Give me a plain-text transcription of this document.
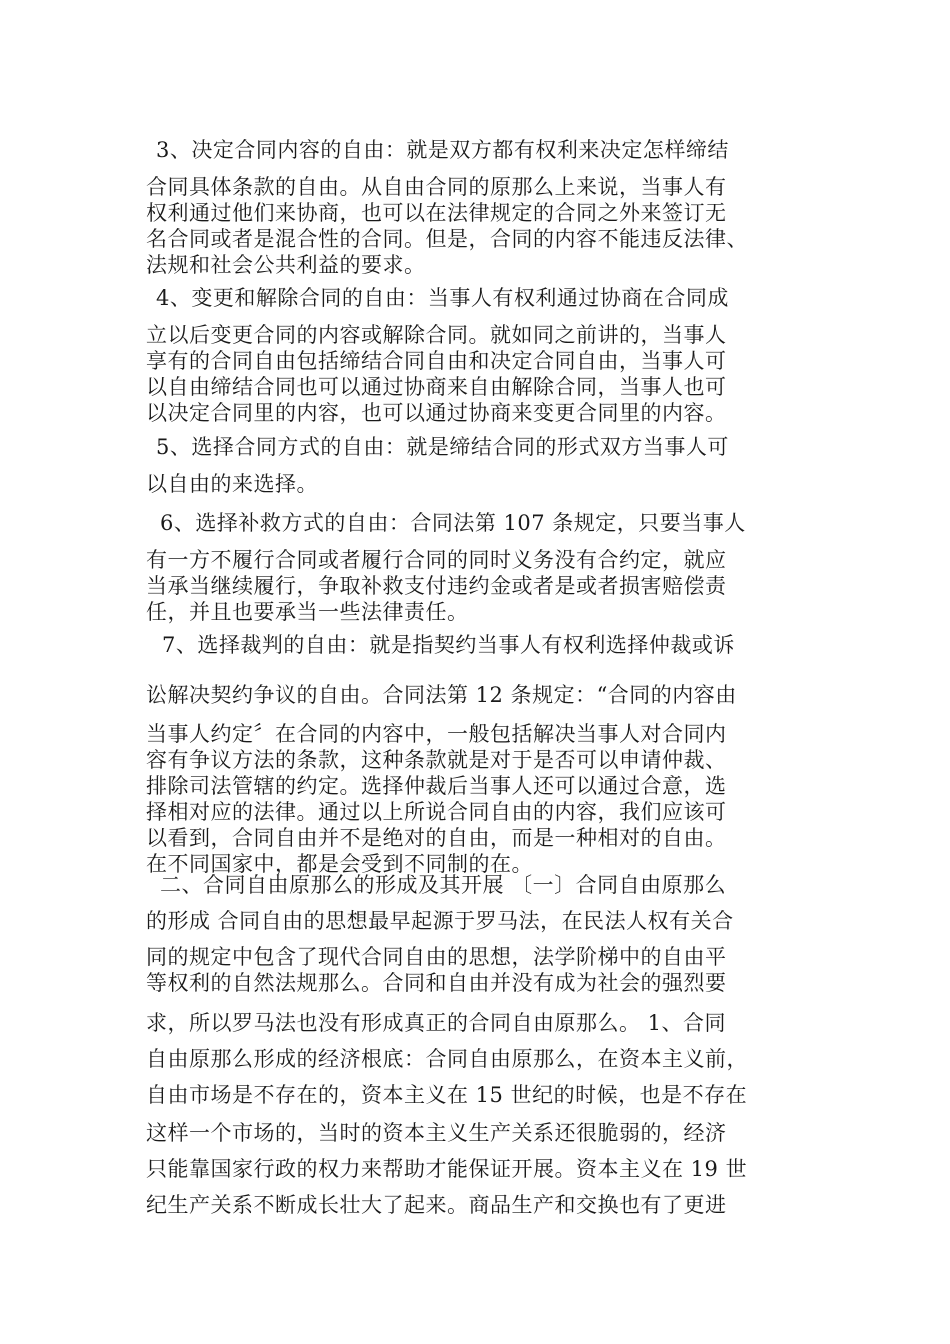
3、决定合同内容的自由：就是双方都有权利来决定怎样缔结
合同具体条款的自由。从自由合同的原那么上来说，当事人有
权利通过他们来协商，也可以在法律规定的合同之外来签订无
名合同或者是混合性的合同。但是，合同的内容不能违反法律、
法规和社会公共利益的要求。
4、变更和解除合同的自由：当事人有权利通过协商在合同成
立以后变更合同的内容或解除合同。就如同之前讲的，当事人
享有的合同自由包括缔结合同自由和决定合同自由，当事人可
以自由缔结合同也可以通过协商来自由解除合同，当事人也可
以决定合同里的内容，也可以通过协商来变更合同里的内容。
5、选择合同方式的自由：就是缔结合同的形式双方当事人可
以自由的来选择。
6、选择补救方式的自由：合同法第 107 条规定，只要当事人
有一方不履行合同或者履行合同的同时义务没有合约定，就应
当承当继续履行，争取补救支付违约金或者是或者损害赔偿责
任，并且也要承当一些法律责任。
7、选择裁判的自由：就是指契约当事人有权利选择仲裁或诉
讼解决契约争议的自由。合同法第 12 条规定：“合同的内容由
当事人约定〞在合同的内容中，一般包括解决当事人对合同内
容有争议方法的条款，这种条款就是对于是否可以申请仲裁、
排除司法管辖的约定。选择仲裁后当事人还可以通过合意，选
择相对应的法律。通过以上所说合同自由的内容，我们应该可
以看到，合同自由并不是绝对的自由，而是一种相对的自由。
在不同国家中，都是会受到不同制的在。
二、合同自由原那么的形成及其开展 〔一〕合同自由原那么
的形成 合同自由的思想最早起源于罗马法，在民法人权有关合
同的规定中包含了现代合同自由的思想，法学阶梯中的自由平
等权利的自然法规那么。合同和自由并没有成为社会的强烈要
求，所以罗马法也没有形成真正的合同自由原那么。 1、合同
自由原那么形成的经济根底：合同自由原那么，在资本主义前，
自由市场是不存在的，资本主义在 15 世纪的时候，也是不存在
这样一个市场的，当时的资本主义生产关系还很脆弱的，经济
只能靠国家行政的权力来帮助才能保证开展。资本主义在 19 世
纪生产关系不断成长壮大了起来。商品生产和交换也有了更进
